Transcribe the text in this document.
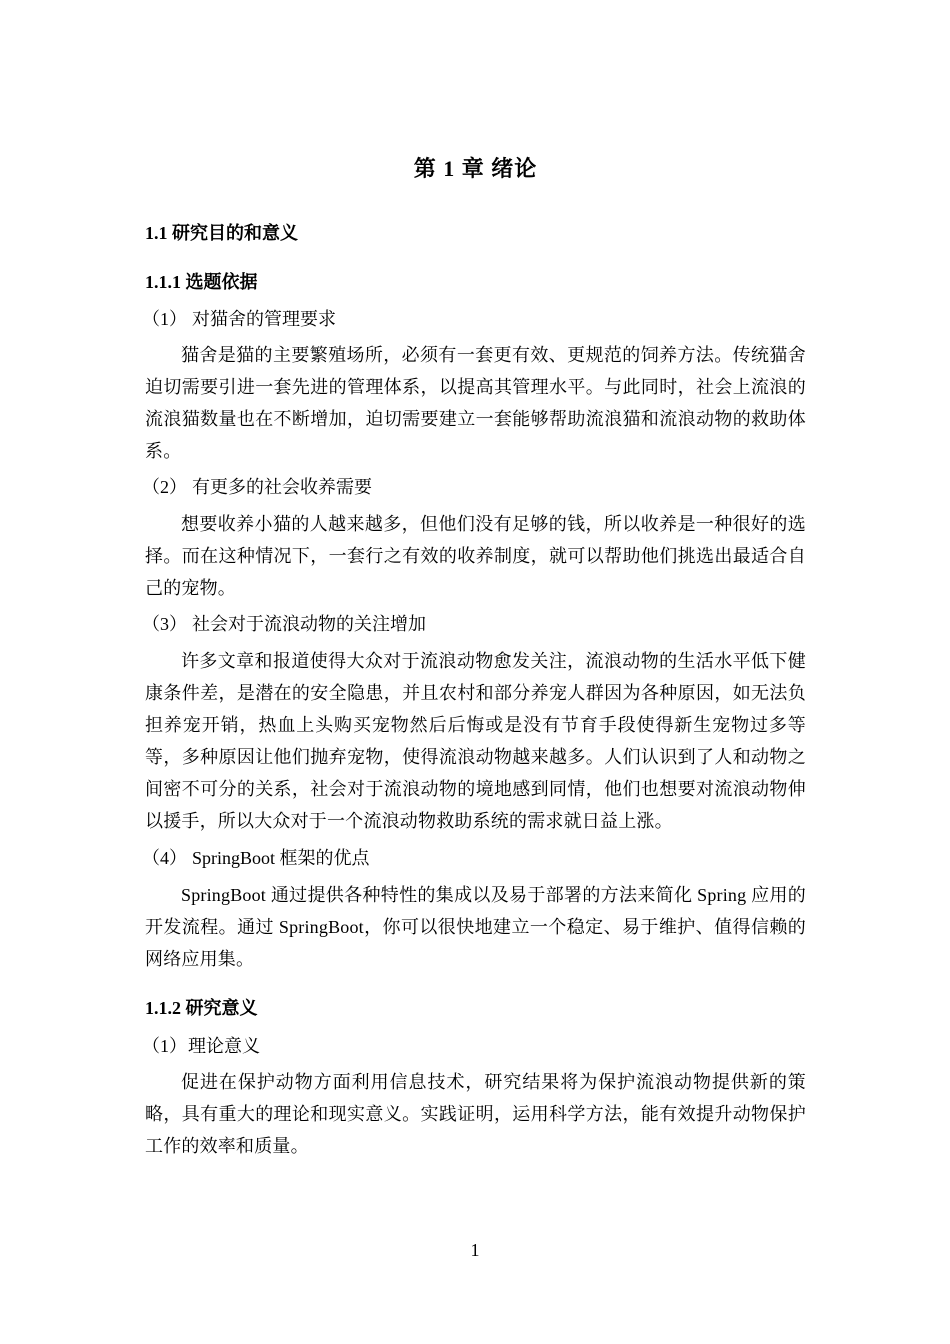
第 1 章 绪论
1.1 研究目的和意义
1.1.1 选题依据
（1） 对猫舍的管理要求
猫舍是猫的主要繁殖场所，必须有一套更有效、更规范的饲养方法。传统猫舍迫切需要引进一套先进的管理体系，以提高其管理水平。与此同时，社会上流浪的流浪猫数量也在不断增加，迫切需要建立一套能够帮助流浪猫和流浪动物的救助体系。
（2） 有更多的社会收养需要
想要收养小猫的人越来越多，但他们没有足够的钱，所以收养是一种很好的选择。而在这种情况下，一套行之有效的收养制度，就可以帮助他们挑选出最适合自己的宠物。
（3） 社会对于流浪动物的关注增加
许多文章和报道使得大众对于流浪动物愈发关注，流浪动物的生活水平低下健康条件差，是潜在的安全隐患，并且农村和部分养宠人群因为各种原因，如无法负担养宠开销，热血上头购买宠物然后后悔或是没有节育手段使得新生宠物过多等等，多种原因让他们抛弃宠物，使得流浪动物越来越多。人们认识到了人和动物之间密不可分的关系，社会对于流浪动物的境地感到同情，他们也想要对流浪动物伸以援手，所以大众对于一个流浪动物救助系统的需求就日益上涨。
（4） SpringBoot 框架的优点
SpringBoot 通过提供各种特性的集成以及易于部署的方法来简化 Spring 应用的开发流程。通过 SpringBoot，你可以很快地建立一个稳定、易于维护、值得信赖的网络应用集。
1.1.2 研究意义
（1）理论意义
促进在保护动物方面利用信息技术，研究结果将为保护流浪动物提供新的策略，具有重大的理论和现实意义。实践证明，运用科学方法，能有效提升动物保护工作的效率和质量。
1
